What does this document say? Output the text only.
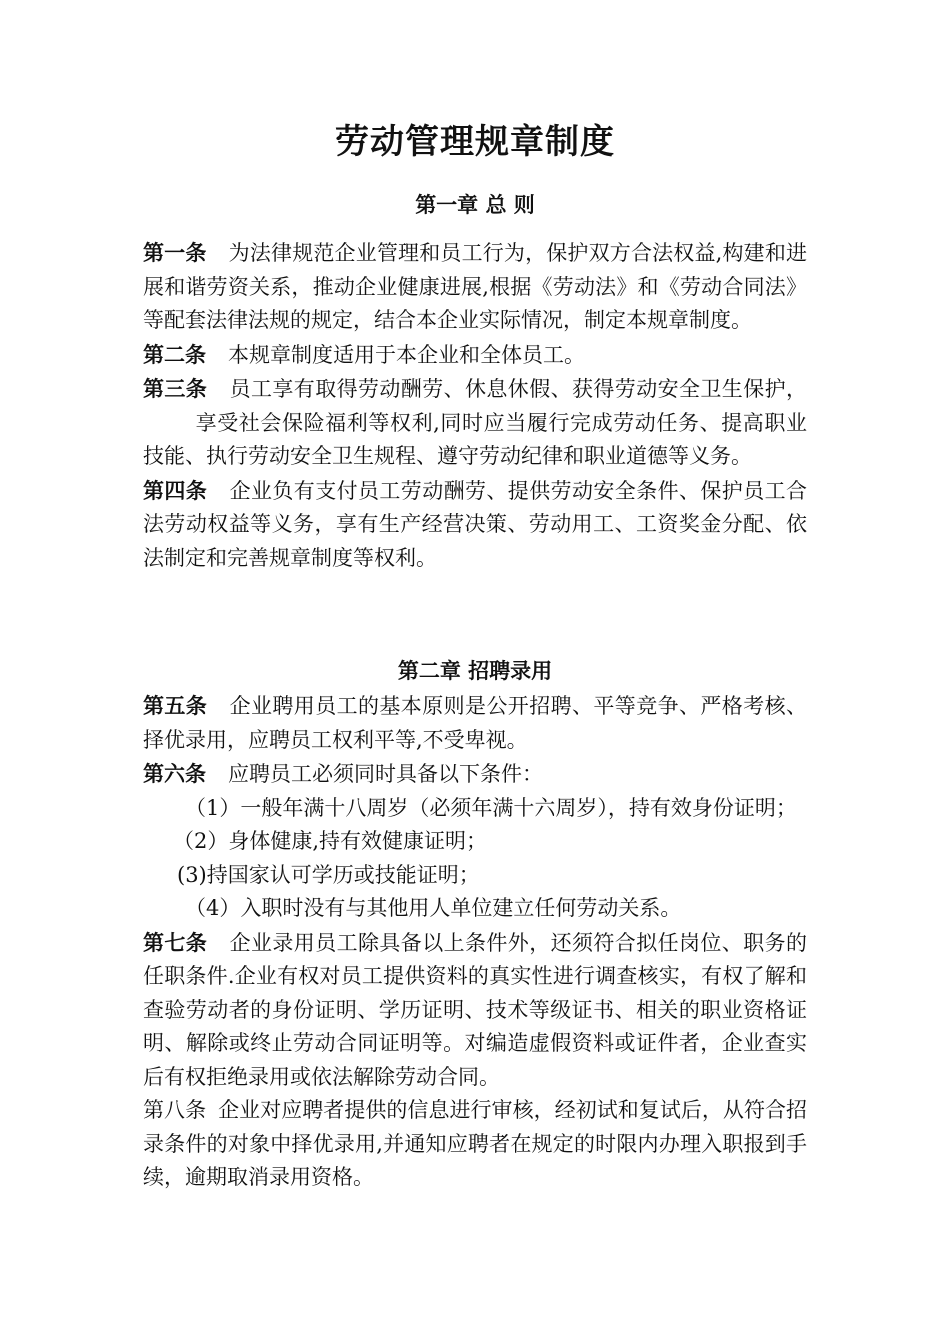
劳动管理规章制度
第一章 总 则

第一条 为法律规范企业管理和员工行为，保护双方合法权益,构建和进展和谐劳资关系，推动企业健康进展,根据《劳动法》和《劳动合同法》等配套法律法规的规定，结合本企业实际情况，制定本规章制度。

第二条 本规章制度适用于本企业和全体员工。

第三条 员工享有取得劳动酬劳、休息休假、获得劳动安全卫生保护，享受社会保险福利等权利,同时应当履行完成劳动任务、提高职业技能、执行劳动安全卫生规程、遵守劳动纪律和职业道德等义务。

第四条 企业负有支付员工劳动酬劳、提供劳动安全条件、保护员工合法劳动权益等义务，享有生产经营决策、劳动用工、工资奖金分配、依法制定和完善规章制度等权利。

第二章 招聘录用

第五条 企业聘用员工的基本原则是公开招聘、平等竞争、严格考核、择优录用，应聘员工权利平等,不受卑视。

第六条 应聘员工必须同时具备以下条件：

（1）一般年满十八周岁（必须年满十六周岁），持有效身份证明；

（2）身体健康,持有效健康证明；

(3)持国家认可学历或技能证明；

（4）入职时没有与其他用人单位建立任何劳动关系。

第七条 企业录用员工除具备以上条件外，还须符合拟任岗位、职务的任职条件.企业有权对员工提供资料的真实性进行调查核实，有权了解和查验劳动者的身份证明、学历证明、技术等级证书、相关的职业资格证明、解除或终止劳动合同证明等。对编造虚假资料或证件者，企业查实后有权拒绝录用或依法解除劳动合同。

第八条 企业对应聘者提供的信息进行审核，经初试和复试后，从符合招录条件的对象中择优录用,并通知应聘者在规定的时限内办理入职报到手续，逾期取消录用资格。
